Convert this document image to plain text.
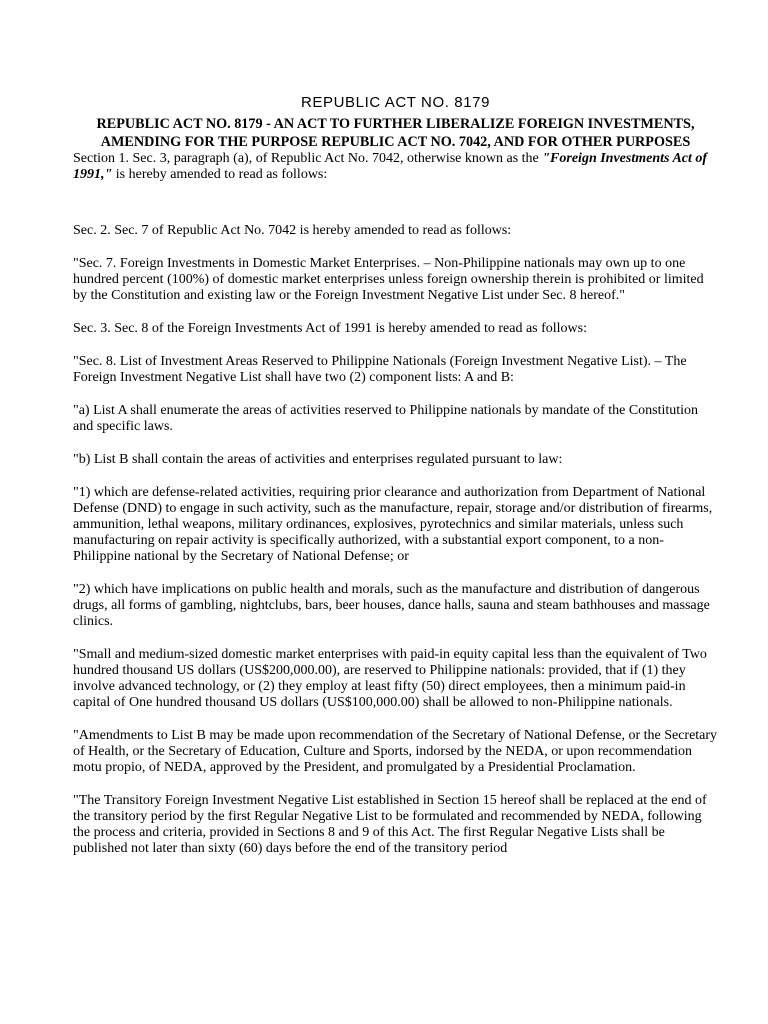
REPUBLIC ACT NO. 8179
REPUBLIC ACT NO. 8179 - AN ACT TO FURTHER LIBERALIZE FOREIGN INVESTMENTS,
AMENDING FOR THE PURPOSE REPUBLIC ACT NO. 7042, AND FOR OTHER PURPOSES

Section 1. Sec. 3, paragraph (a), of Republic Act No. 7042, otherwise known as the "Foreign Investments Act of 1991," is hereby amended to read as follows:

Sec. 2. Sec. 7 of Republic Act No. 7042 is hereby amended to read as follows:

"Sec. 7. Foreign Investments in Domestic Market Enterprises. – Non-Philippine nationals may own up to one hundred percent (100%) of domestic market enterprises unless foreign ownership therein is prohibited or limited by the Constitution and existing law or the Foreign Investment Negative List under Sec. 8 hereof."

Sec. 3. Sec. 8 of the Foreign Investments Act of 1991 is hereby amended to read as follows:

"Sec. 8. List of Investment Areas Reserved to Philippine Nationals (Foreign Investment Negative List). – The Foreign Investment Negative List shall have two (2) component lists: A and B:

"a) List A shall enumerate the areas of activities reserved to Philippine nationals by mandate of the Constitution and specific laws.

"b) List B shall contain the areas of activities and enterprises regulated pursuant to law:

"1) which are defense-related activities, requiring prior clearance and authorization from Department of National Defense (DND) to engage in such activity, such as the manufacture, repair, storage and/or distribution of firearms, ammunition, lethal weapons, military ordinances, explosives, pyrotechnics and similar materials, unless such manufacturing on repair activity is specifically authorized, with a substantial export component, to a non-Philippine national by the Secretary of National Defense; or

"2) which have implications on public health and morals, such as the manufacture and distribution of dangerous drugs, all forms of gambling, nightclubs, bars, beer houses, dance halls, sauna and steam bathhouses and massage clinics.

"Small and medium-sized domestic market enterprises with paid-in equity capital less than the equivalent of Two hundred thousand US dollars (US$200,000.00), are reserved to Philippine nationals: provided, that if (1) they involve advanced technology, or (2) they employ at least fifty (50) direct employees, then a minimum paid-in capital of One hundred thousand US dollars (US$100,000.00) shall be allowed to non-Philippine nationals.

"Amendments to List B may be made upon recommendation of the Secretary of National Defense, or the Secretary of Health, or the Secretary of Education, Culture and Sports, indorsed by the NEDA, or upon recommendation motu propio, of NEDA, approved by the President, and promulgated by a Presidential Proclamation.

"The Transitory Foreign Investment Negative List established in Section 15 hereof shall be replaced at the end of the transitory period by the first Regular Negative List to be formulated and recommended by NEDA, following the process and criteria, provided in Sections 8 and 9 of this Act. The first Regular Negative Lists shall be published not later than sixty (60) days before the end of the transitory period
